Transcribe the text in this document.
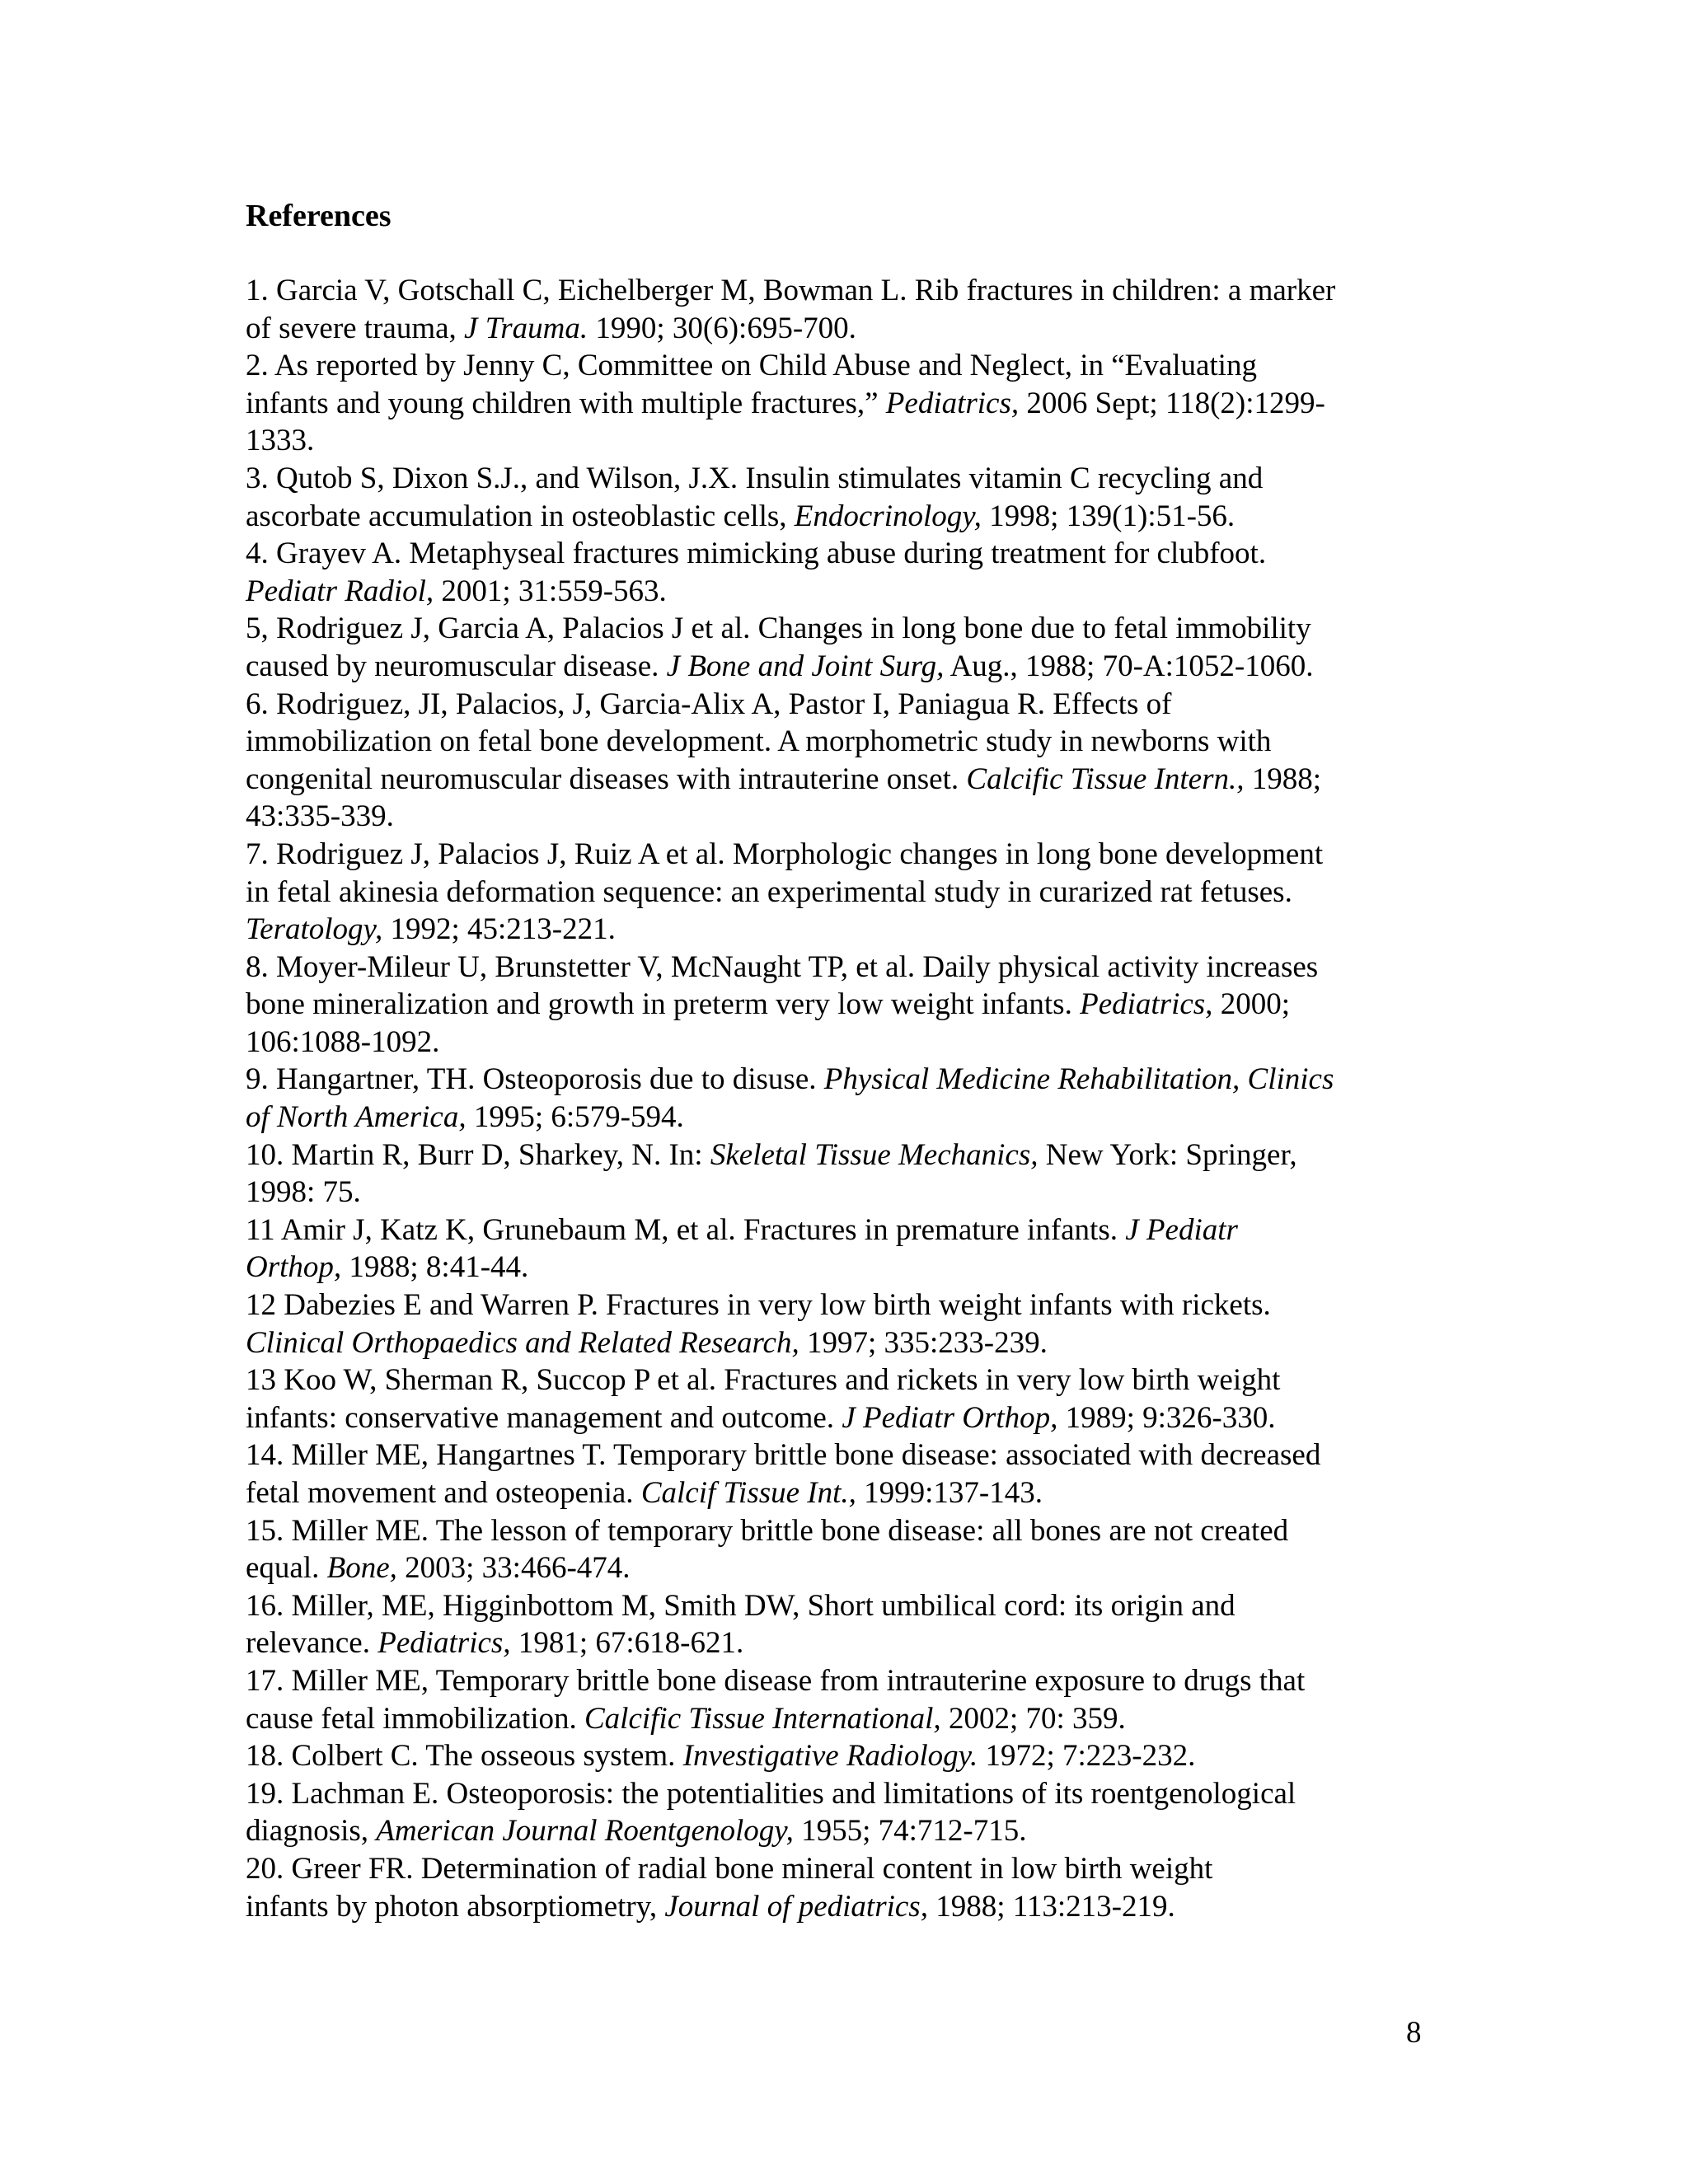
References
1. Garcia V, Gotschall C, Eichelberger M, Bowman L. Rib fractures in children: a marker
of severe trauma, J Trauma. 1990; 30(6):695-700.
2. As reported by Jenny C, Committee on Child Abuse and Neglect, in “Evaluating
infants and young children with multiple fractures,” Pediatrics, 2006 Sept; 118(2):1299-
1333.
3. Qutob S, Dixon S.J., and Wilson, J.X. Insulin stimulates vitamin C recycling and
ascorbate accumulation in osteoblastic cells, Endocrinology, 1998; 139(1):51-56.
4. Grayev A. Metaphyseal fractures mimicking abuse during treatment for clubfoot.
Pediatr Radiol, 2001; 31:559-563.
5, Rodriguez J, Garcia A, Palacios J et al. Changes in long bone due to fetal immobility
caused by neuromuscular disease. J Bone and Joint Surg, Aug., 1988; 70-A:1052-1060.
6. Rodriguez, JI, Palacios, J, Garcia-Alix A, Pastor I, Paniagua R. Effects of
immobilization on fetal bone development. A morphometric study in newborns with
congenital neuromuscular diseases with intrauterine onset. Calcific Tissue Intern., 1988;
43:335-339.
7. Rodriguez J, Palacios J, Ruiz A et al. Morphologic changes in long bone development
in fetal akinesia deformation sequence: an experimental study in curarized rat fetuses.
Teratology, 1992; 45:213-221.
8. Moyer-Mileur U, Brunstetter V, McNaught TP, et al. Daily physical activity increases
bone mineralization and growth in preterm very low weight infants. Pediatrics, 2000;
106:1088-1092.
9. Hangartner, TH. Osteoporosis due to disuse. Physical Medicine Rehabilitation, Clinics
of North America, 1995; 6:579-594.
10. Martin R, Burr D, Sharkey, N. In: Skeletal Tissue Mechanics, New York: Springer,
1998: 75.
11 Amir J, Katz K, Grunebaum M, et al. Fractures in premature infants. J Pediatr
Orthop, 1988; 8:41-44.
12 Dabezies E and Warren P. Fractures in very low birth weight infants with rickets.
Clinical Orthopaedics and Related Research, 1997; 335:233-239.
13 Koo W, Sherman R, Succop P et al. Fractures and rickets in very low birth weight
infants: conservative management and outcome. J Pediatr Orthop, 1989; 9:326-330.
14. Miller ME, Hangartnes T. Temporary brittle bone disease: associated with decreased
fetal movement and osteopenia. Calcif Tissue Int., 1999:137-143.
15. Miller ME. The lesson of temporary brittle bone disease: all bones are not created
equal. Bone, 2003; 33:466-474.
16. Miller, ME, Higginbottom M, Smith DW, Short umbilical cord: its origin and
relevance. Pediatrics, 1981; 67:618-621.
17. Miller ME, Temporary brittle bone disease from intrauterine exposure to drugs that
cause fetal immobilization. Calcific Tissue International, 2002; 70: 359.
18. Colbert C. The osseous system. Investigative Radiology. 1972; 7:223-232.
19. Lachman E. Osteoporosis: the potentialities and limitations of its roentgenological
diagnosis, American Journal Roentgenology, 1955; 74:712-715.
20. Greer FR. Determination of radial bone mineral content in low birth weight
infants by photon absorptiometry, Journal of pediatrics, 1988; 113:213-219.
8
